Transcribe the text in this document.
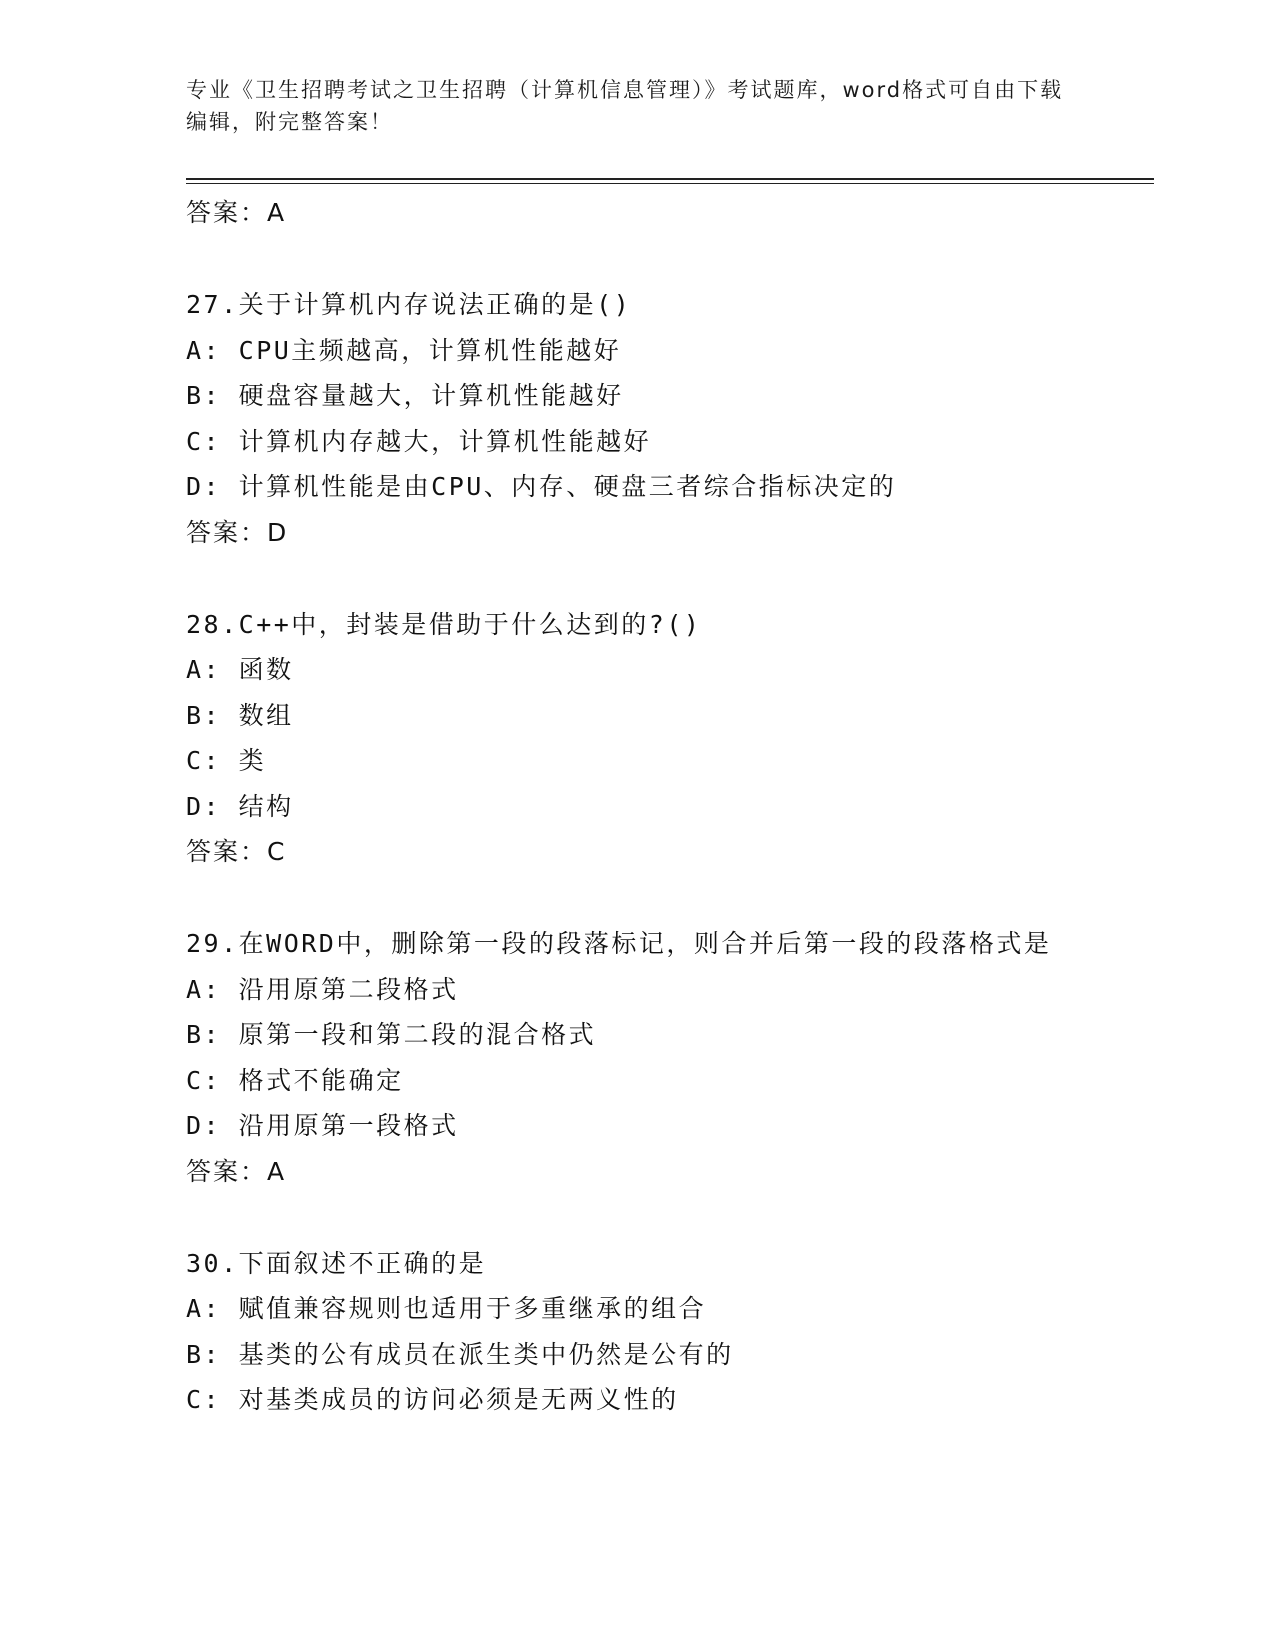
专业《卫生招聘考试之卫生招聘（计算机信息管理）》考试题库，word格式可自由下载编辑，附完整答案！
答案：A
27.关于计算机内存说法正确的是()
A: CPU主频越高，计算机性能越好
B: 硬盘容量越大，计算机性能越好
C: 计算机内存越大，计算机性能越好
D: 计算机性能是由CPU、内存、硬盘三者综合指标决定的
答案：D
28.C++中，封装是借助于什么达到的?()
A: 函数
B: 数组
C: 类
D: 结构
答案：C
29.在WORD中，删除第一段的段落标记，则合并后第一段的段落格式是
A: 沿用原第二段格式
B: 原第一段和第二段的混合格式
C: 格式不能确定
D: 沿用原第一段格式
答案：A
30.下面叙述不正确的是
A: 赋值兼容规则也适用于多重继承的组合
B: 基类的公有成员在派生类中仍然是公有的
C: 对基类成员的访问必须是无两义性的
